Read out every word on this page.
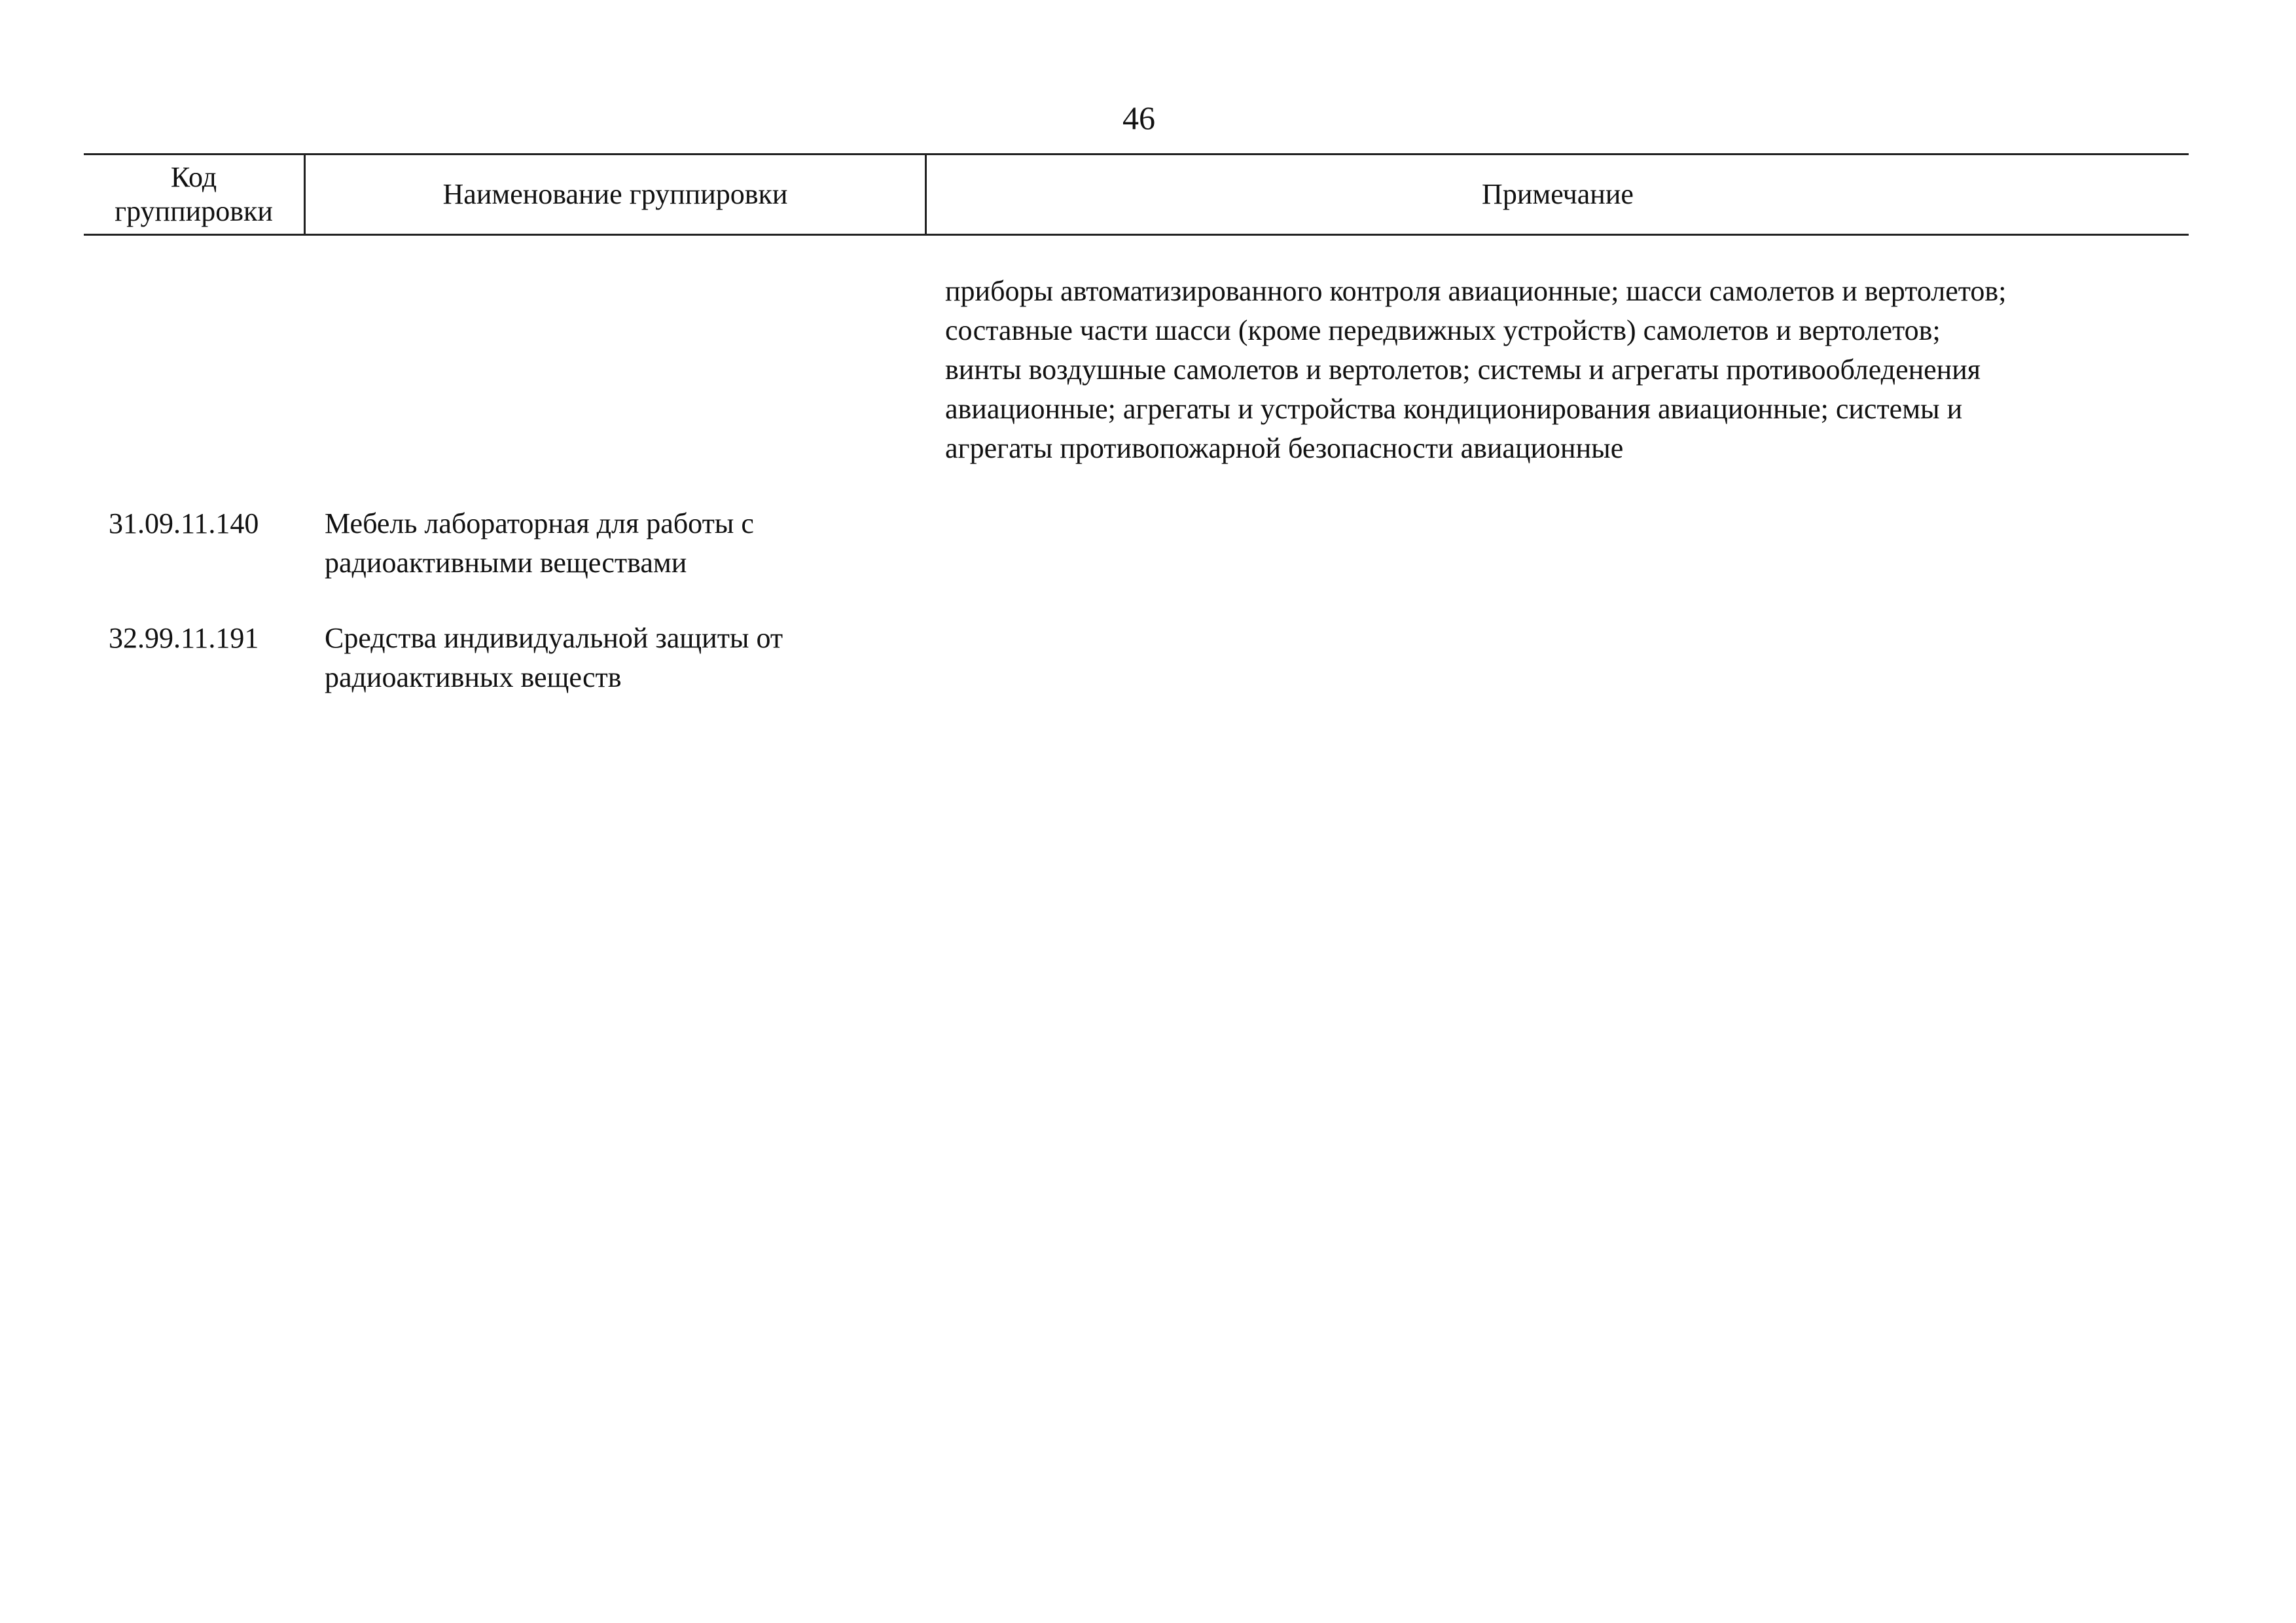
46
Код
группировки
Наименование группировки	Примечание
приборы автоматизированного контроля авиационные; шасси самолетов и вертолетов;
составные части шасси (кроме передвижных устройств) самолетов и вертолетов;
винты воздушные самолетов и вертолетов; системы и агрегаты противообледенения
авиационные; агрегаты и устройства кондиционирования авиационные; системы и
агрегаты противопожарной безопасности авиационные
31.09.11.140 Мебель лабораторная для работы с
радиоактивными веществами
32.99.11.191 Средства индивидуальной защиты от
радиоактивных веществ
